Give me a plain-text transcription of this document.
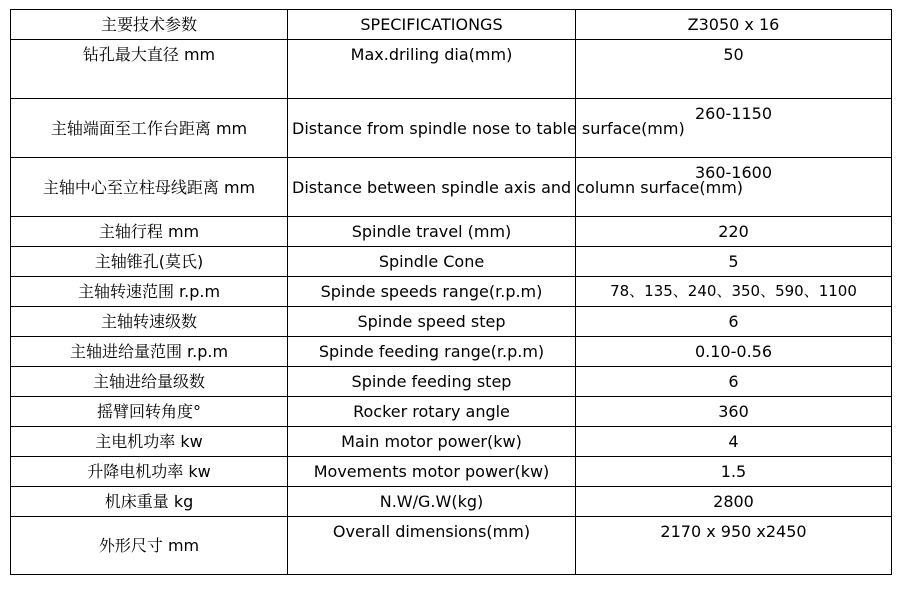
主要技术参数	SPECIFICATIONGS	Z3050 x 16
钻孔最大直径 mm	Max.driling dia(mm)	50
主轴端面至工作台距离 mm	Distance from spindle nose to table surface(mm)	260-1150
主轴中心至立柱母线距离 mm	Distance between spindle axis and column surface(mm)	360-1600
主轴行程 mm	Spindle travel (mm)	220
主轴锥孔(莫氏)	Spindle Cone	5
主轴转速范围 r.p.m	Spinde speeds range(r.p.m)	78、135、240、350、590、1100
主轴转速级数	Spinde speed step	6
主轴进给量范围 r.p.m	Spinde feeding range(r.p.m)	0.10-0.56
主轴进给量级数	Spinde feeding step	6
摇臂回转角度°	Rocker rotary angle	360
主电机功率 kw	Main motor power(kw)	4
升降电机功率 kw	Movements motor power(kw)	1.5
机床重量 kg	N.W/G.W(kg)	2800
外形尺寸 mm	Overall dimensions(mm)	2170 x 950 x2450
